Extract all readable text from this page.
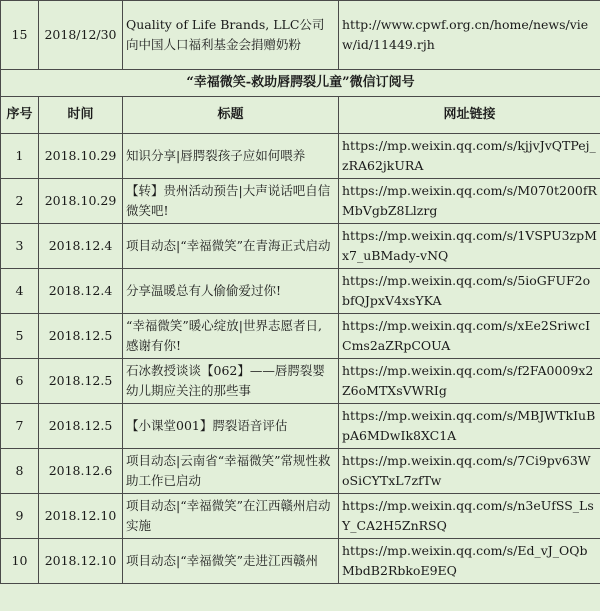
15	2018/12/30	Quality of Life Brands, LLC公司向中国人口福利基金会捐赠奶粉	http://www.cpwf.org.cn/home/news/view/id/11449.rjh
“幸福微笑-救助唇腭裂儿童”微信订阅号			
序号	时间	标题	网址链接
1	2018.10.29	知识分享|唇腭裂孩子应如何喂养	https://mp.weixin.qq.com/s/kjjvJvQTPej_zRA62jkURA
2	2018.10.29	【转】贵州活动预告|大声说话吧自信微笑吧!	https://mp.weixin.qq.com/s/M070t200fRMbVgbZ8Llzrg
3	2018.12.4	项目动态|“幸福微笑”在青海正式启动	https://mp.weixin.qq.com/s/1VSPU3zpMx7_uBMady-vNQ
4	2018.12.4	分享温暖总有人偷偷爱过你!	https://mp.weixin.qq.com/s/5ioGFUF2obfQJpxV4xsYKA
5	2018.12.5	“幸福微笑”暖心绽放|世界志愿者日, 感谢有你!	https://mp.weixin.qq.com/s/xEe2SriwcICms2aZRpCOUA
6	2018.12.5	石冰教授谈谈【062】——唇腭裂婴幼儿期应关注的那些事	https://mp.weixin.qq.com/s/f2FA0009x2Z6oMTXsVWRIg
7	2018.12.5	【小课堂001】腭裂语音评估	https://mp.weixin.qq.com/s/MBJWTkIuBpA6MDwIk8XC1A
8	2018.12.6	项目动态|云南省“幸福微笑”常规性救助工作已启动	https://mp.weixin.qq.com/s/7Ci9pv63WoSiCYTxL7zfTw
9	2018.12.10	项目动态|“幸福微笑”在江西赣州启动实施	https://mp.weixin.qq.com/s/n3eUfSS_LsY_CA2H5ZnRSQ
10	2018.12.10	项目动态|“幸福微笑”走进江西赣州	https://mp.weixin.qq.com/s/Ed_vJ_OQbMbdB2RbkoE9EQ
